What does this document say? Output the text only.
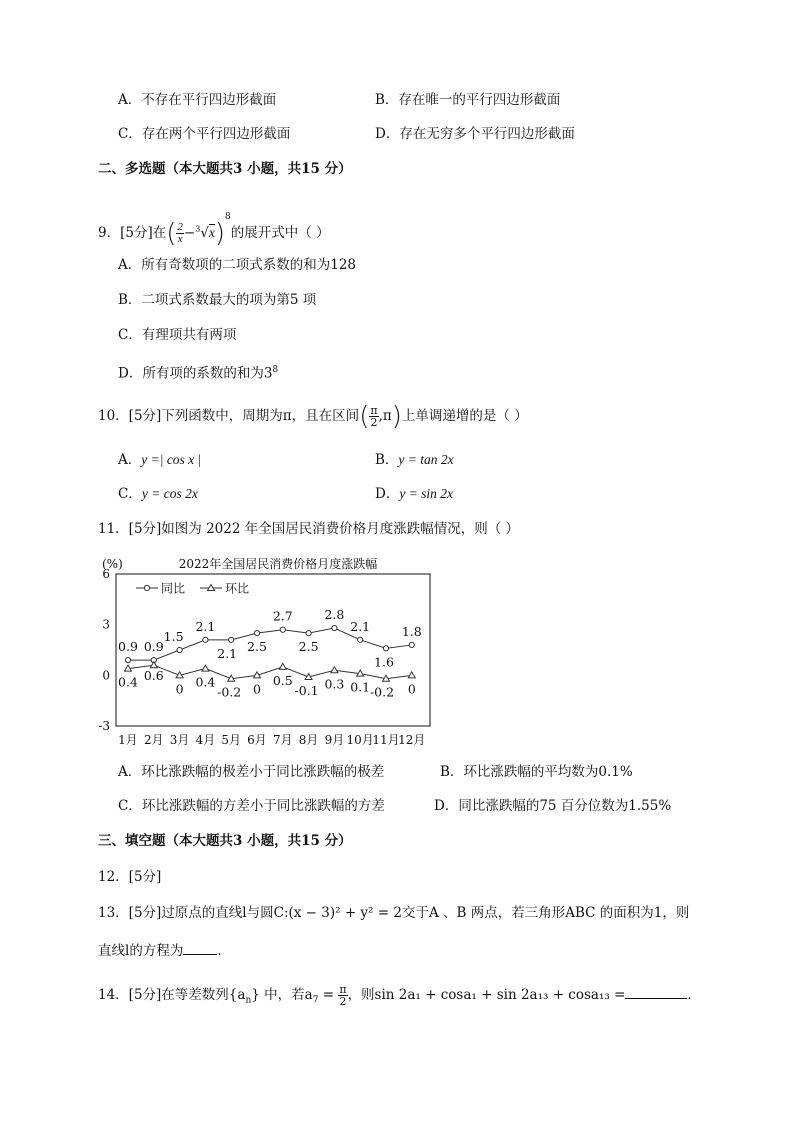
A．不存在平行四边形截面	B．存在唯一的平行四边形截面
C．存在两个平行四边形截面	D．存在无穷多个平行四边形截面
二、多选题（本大题共3 小题，共15 分）
9．[5分]在( $\frac{2}{x} -^3√x)^8$的展开式中（ ）
A．所有奇数项的二项式系数的和为128
B．二项式系数最大的项为第5 项
C．有理项共有两项
D．所有项的系数的和为$3^8$
10．[5分]下列函数中，周期为π，且在区间( $\frac{\pi}{2} ,\pi$)上单调递增的是（ ）
A．y =| cos x |	B．y = tan 2x
C．y = cos 2x	D．y = sin 2x
11．[5分]如图为 2022 年全国居民消费价格月度涨跌幅情况，则（ ）
(%)	2022年全国居民消费价格月度涨跌幅
6
3
0
-3
1月 2月 3月 4月 5月 6月 7月 8月 9月 10月
11月
12月
同比	环比
0.9 0.9
1.5
2.1
2.1 2.5
2.7
2.5
2.8
2.1
1.6
1.8
0.4 0.6
0 0.4
-0.2 0
0.5
-0.1 0.3 0.1 -0.2 0
A．环比涨跌幅的极差小于同比涨跌幅的极差	B．环比涨跌幅的平均数为0.1%
C．环比涨跌幅的方差小于同比涨跌幅的方差	D．同比涨跌幅的75 百分位数为1.55%
三、填空题（本大题共3 小题，共15 分）
12．[5分]
13．[5分]过原点的直线l与圆C:(x − 3)² + y² = 2交于A 、B 两点，若三角形ABC 的面积为1，则
直线l的方程为	.
14．[5分]在等差数列$\{a_n\}$ 中，若$a_7 = \frac{\pi}{2}$ ，则sin 2a₁ + cosa₁ + sin 2a₁₃ + cosa₁₃ =	．
